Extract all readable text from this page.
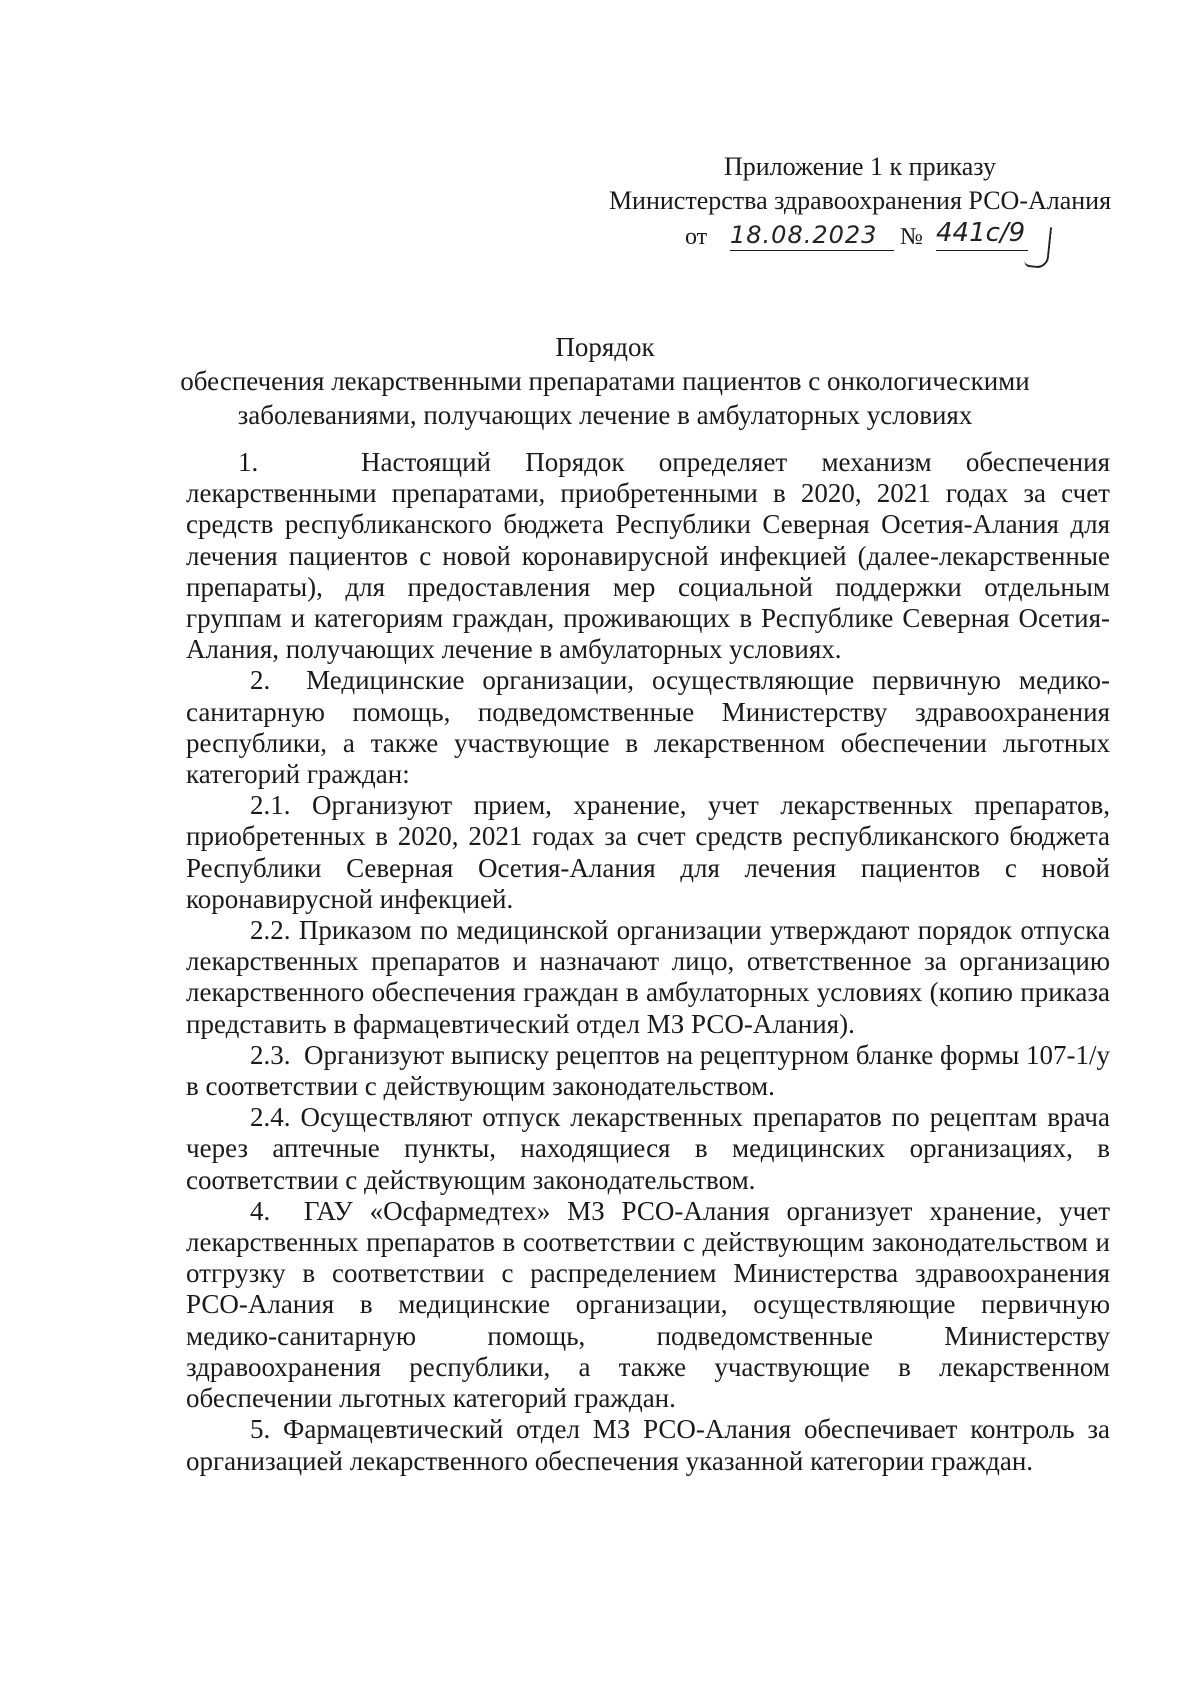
Приложение 1 к приказу
Министерства здравоохранения РСО-Алания
от 18.08.2023 № 441с/9
Порядок
обеспечения лекарственными препаратами пациентов с онкологическими заболеваниями, получающих лечение в амбулаторных условиях

1.   Настоящий Порядок определяет механизм обеспечения лекарственными препаратами, приобретенными в 2020, 2021 годах за счет средств республиканского бюджета Республики Северная Осетия-Алания для лечения пациентов с новой коронавирусной инфекцией (далее-лекарственные препараты), для предоставления мер социальной поддержки отдельным группам и категориям граждан, проживающих в Республике Северная Осетия-Алания, получающих лечение в амбулаторных условиях.

2.  Медицинские организации, осуществляющие первичную медико-санитарную помощь, подведомственные Министерству здравоохранения республики, а также участвующие в лекарственном обеспечении льготных категорий граждан:

2.1. Организуют прием, хранение, учет лекарственных препаратов, приобретенных в 2020, 2021 годах за счет средств республиканского бюджета Республики Северная Осетия-Алания для лечения пациентов с новой коронавирусной инфекцией.

2.2. Приказом по медицинской организации утверждают порядок отпуска лекарственных препаратов и назначают лицо, ответственное за организацию лекарственного обеспечения граждан в амбулаторных условиях (копию приказа представить в фармацевтический отдел МЗ РСО-Алания).

2.3.  Организуют выписку рецептов на рецептурном бланке формы 107-1/у в соответствии с действующим законодательством.

2.4. Осуществляют отпуск лекарственных препаратов по рецептам врача через аптечные пункты, находящиеся в медицинских организациях, в соответствии с действующим законодательством.

4.  ГАУ «Осфармедтех» МЗ РСО-Алания организует хранение, учет лекарственных препаратов в соответствии с действующим законодательством и отгрузку в соответствии с распределением Министерства здравоохранения РСО-Алания в медицинские организации, осуществляющие первичную медико-санитарную помощь, подведомственные Министерству здравоохранения республики, а также участвующие в лекарственном обеспечении льготных категорий граждан.

5. Фармацевтический отдел МЗ РСО-Алания обеспечивает контроль за организацией лекарственного обеспечения указанной категории граждан.
